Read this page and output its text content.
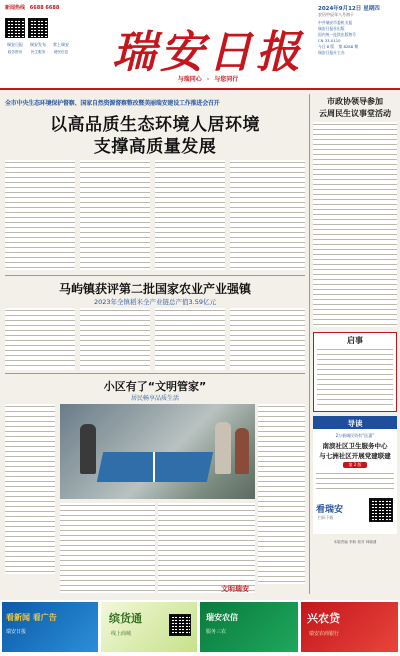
新闻热线 6688 6688
瑞安日报	瑞安发布	掌上瑞安
政务资讯	民生服务	便民信息 瑞安日报
与瑞同心 · 与您同行
2024年9月12日 星期四
农历甲辰年八月初十
中共瑞安市委机关报
瑞安日报社出版
国内统一连续出版物号
CN 33-0110
今日 8 版 第 8288 期
瑞安日报社主办
全市中央生态环境保护督察、国家自然资源督察整改暨美丽瑞安建设工作推进会召开
以高品质生态环境人居环境
支撑高质量发展
马屿镇获评第二批国家农业产业强镇
2023年全镇稻米全产业链总产值3.59亿元
小区有了“文明管家”
居民畅享品质生活
文明瑞安
市政协领导参加
云周民生议事堂活动
启事
导读
2万新城民资有“医惠”
南滨社区卫生服务中心
与七洲社区开展党建联建
第 2 版
看瑞安
扫码下载
本版责编 李娇 校对 林瑜潇
看新闻 看广告
瑞安日报
缤货通
线上商城
瑞安农信
服务三农
兴农贷
瑞安农商银行
